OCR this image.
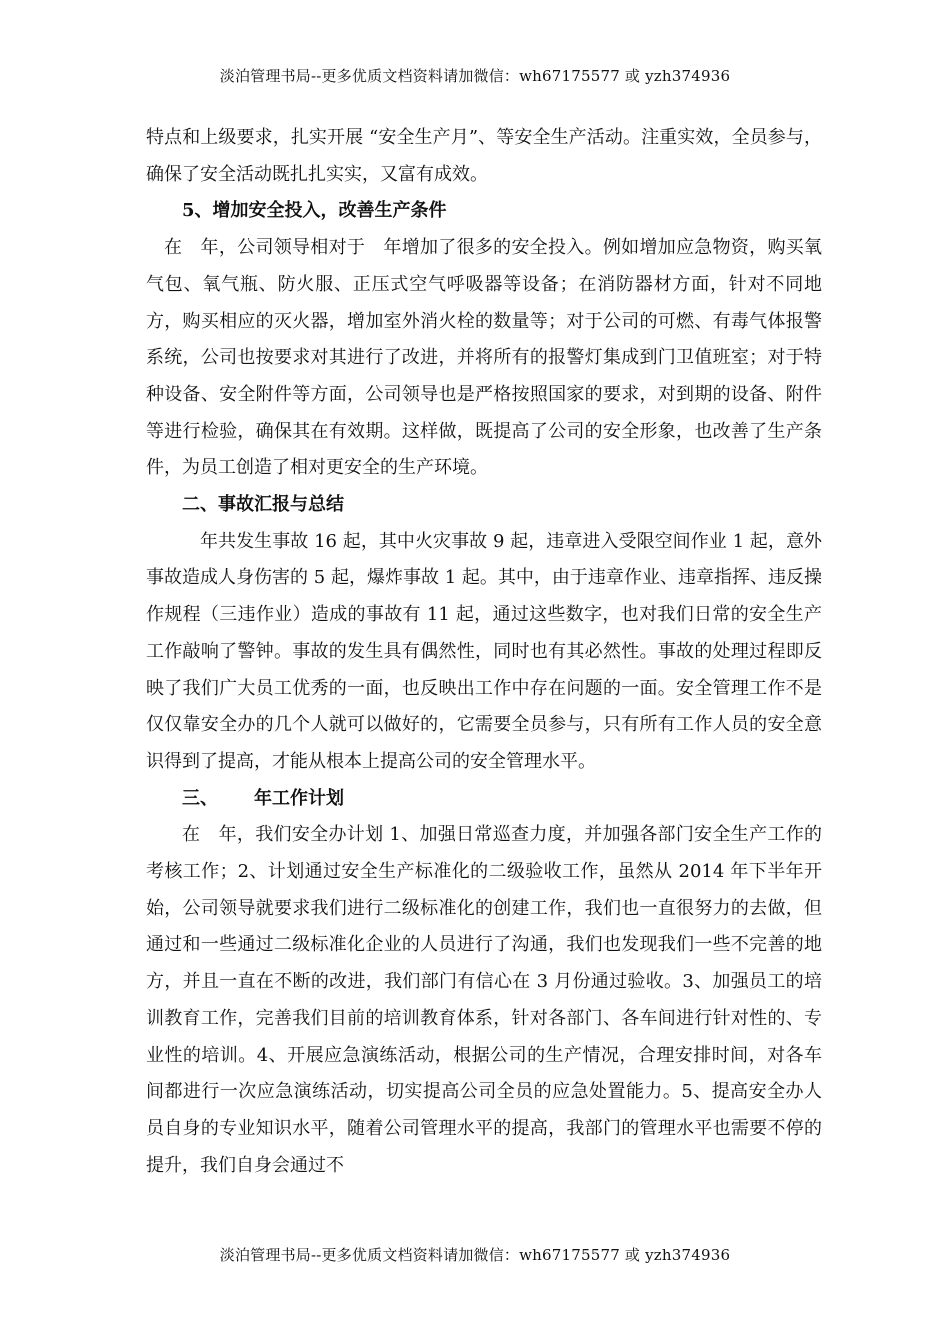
淡泊管理书局--更多优质文档资料请加微信：wh67175577 或 yzh374936

特点和上级要求，扎实开展 “安全生产月”、等安全生产活动。注重实效，全员参与，确保了安全活动既扎扎实实，又富有成效。

5、增加安全投入，改善生产条件

在 年，公司领导相对于 年增加了很多的安全投入。例如增加应急物资，购买氧气包、氧气瓶、防火服、正压式空气呼吸器等设备；在消防器材方面，针对不同地方，购买相应的灭火器，增加室外消火栓的数量等；对于公司的可燃、有毒气体报警系统，公司也按要求对其进行了改进，并将所有的报警灯集成到门卫值班室；对于特种设备、安全附件等方面，公司领导也是严格按照国家的要求，对到期的设备、附件等进行检验，确保其在有效期。这样做，既提高了公司的安全形象，也改善了生产条件，为员工创造了相对更安全的生产环境。

二、事故汇报与总结

年共发生事故 16 起，其中火灾事故 9 起，违章进入受限空间作业 1 起，意外事故造成人身伤害的 5 起，爆炸事故 1 起。其中，由于违章作业、违章指挥、违反操作规程（三违作业）造成的事故有 11 起，通过这些数字，也对我们日常的安全生产工作敲响了警钟。事故的发生具有偶然性，同时也有其必然性。事故的处理过程即反映了我们广大员工优秀的一面，也反映出工作中存在问题的一面。安全管理工作不是仅仅靠安全办的几个人就可以做好的，它需要全员参与，只有所有工作人员的安全意识得到了提高，才能从根本上提高公司的安全管理水平。

三、 年工作计划

在 年，我们安全办计划 1、加强日常巡查力度，并加强各部门安全生产工作的考核工作；2、计划通过安全生产标准化的二级验收工作，虽然从 2014 年下半年开始，公司领导就要求我们进行二级标准化的创建工作，我们也一直很努力的去做，但通过和一些通过二级标准化企业的人员进行了沟通，我们也发现我们一些不完善的地方，并且一直在不断的改进，我们部门有信心在 3 月份通过验收。3、加强员工的培训教育工作，完善我们目前的培训教育体系，针对各部门、各车间进行针对性的、专业性的培训。4、开展应急演练活动，根据公司的生产情况，合理安排时间，对各车间都进行一次应急演练活动，切实提高公司全员的应急处置能力。5、提高安全办人员自身的专业知识水平，随着公司管理水平的提高，我部门的管理水平也需要不停的提升，我们自身会通过不

淡泊管理书局--更多优质文档资料请加微信：wh67175577 或 yzh374936
